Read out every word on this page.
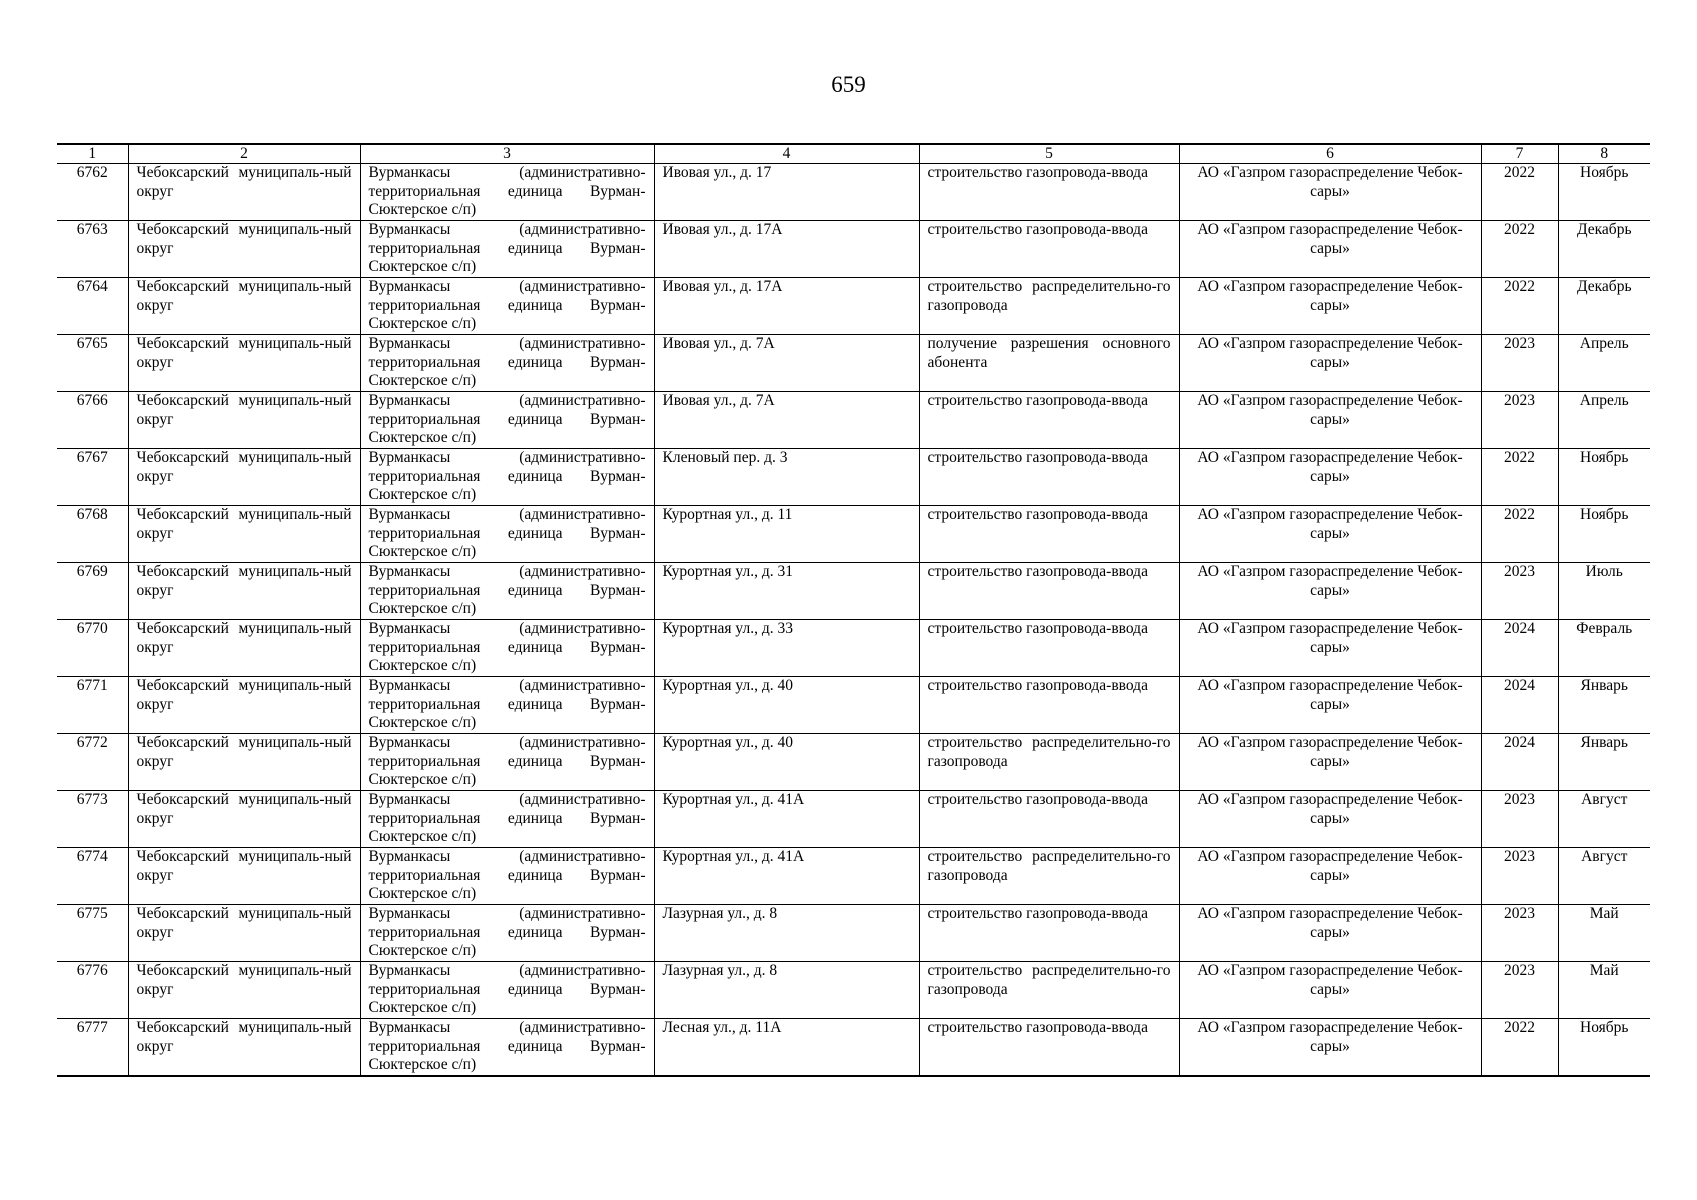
659
1	2	3	4	5	6	7	8
6762	Чебоксарский муниципаль-ный округ	Вурманкасы (административно-территориальная единица Вурман-Сюктерское с/п)	Ивовая ул., д. 17	строительство газопровода-ввода	АО «Газпром газораспределение Чебок-сары»	2022	Ноябрь
6763	Чебоксарский муниципаль-ный округ	Вурманкасы (административно-территориальная единица Вурман-Сюктерское с/п)	Ивовая ул., д. 17А	строительство газопровода-ввода	АО «Газпром газораспределение Чебок-сары»	2022	Декабрь
6764	Чебоксарский муниципаль-ный округ	Вурманкасы (административно-территориальная единица Вурман-Сюктерское с/п)	Ивовая ул., д. 17А	строительство распределительно-го газопровода	АО «Газпром газораспределение Чебок-сары»	2022	Декабрь
6765	Чебоксарский муниципаль-ный округ	Вурманкасы (административно-территориальная единица Вурман-Сюктерское с/п)	Ивовая ул., д. 7А	получение разрешения основного абонента	АО «Газпром газораспределение Чебок-сары»	2023	Апрель
6766	Чебоксарский муниципаль-ный округ	Вурманкасы (административно-территориальная единица Вурман-Сюктерское с/п)	Ивовая ул., д. 7А	строительство газопровода-ввода	АО «Газпром газораспределение Чебок-сары»	2023	Апрель
6767	Чебоксарский муниципаль-ный округ	Вурманкасы (административно-территориальная единица Вурман-Сюктерское с/п)	Кленовый пер. д. 3	строительство газопровода-ввода	АО «Газпром газораспределение Чебок-сары»	2022	Ноябрь
6768	Чебоксарский муниципаль-ный округ	Вурманкасы (административно-территориальная единица Вурман-Сюктерское с/п)	Курортная ул., д. 11	строительство газопровода-ввода	АО «Газпром газораспределение Чебок-сары»	2022	Ноябрь
6769	Чебоксарский муниципаль-ный округ	Вурманкасы (административно-территориальная единица Вурман-Сюктерское с/п)	Курортная ул., д. 31	строительство газопровода-ввода	АО «Газпром газораспределение Чебок-сары»	2023	Июль
6770	Чебоксарский муниципаль-ный округ	Вурманкасы (административно-территориальная единица Вурман-Сюктерское с/п)	Курортная ул., д. 33	строительство газопровода-ввода	АО «Газпром газораспределение Чебок-сары»	2024	Февраль
6771	Чебоксарский муниципаль-ный округ	Вурманкасы (административно-территориальная единица Вурман-Сюктерское с/п)	Курортная ул., д. 40	строительство газопровода-ввода	АО «Газпром газораспределение Чебок-сары»	2024	Январь
6772	Чебоксарский муниципаль-ный округ	Вурманкасы (административно-территориальная единица Вурман-Сюктерское с/п)	Курортная ул., д. 40	строительство распределительно-го газопровода	АО «Газпром газораспределение Чебок-сары»	2024	Январь
6773	Чебоксарский муниципаль-ный округ	Вурманкасы (административно-территориальная единица Вурман-Сюктерское с/п)	Курортная ул., д. 41А	строительство газопровода-ввода	АО «Газпром газораспределение Чебок-сары»	2023	Август
6774	Чебоксарский муниципаль-ный округ	Вурманкасы (административно-территориальная единица Вурман-Сюктерское с/п)	Курортная ул., д. 41А	строительство распределительно-го газопровода	АО «Газпром газораспределение Чебок-сары»	2023	Август
6775	Чебоксарский муниципаль-ный округ	Вурманкасы (административно-территориальная единица Вурман-Сюктерское с/п)	Лазурная ул., д. 8	строительство газопровода-ввода	АО «Газпром газораспределение Чебок-сары»	2023	Май
6776	Чебоксарский муниципаль-ный округ	Вурманкасы (административно-территориальная единица Вурман-Сюктерское с/п)	Лазурная ул., д. 8	строительство распределительно-го газопровода	АО «Газпром газораспределение Чебок-сары»	2023	Май
6777	Чебоксарский муниципаль-ный округ	Вурманкасы (административно-территориальная единица Вурман-Сюктерское с/п)	Лесная ул., д. 11А	строительство газопровода-ввода	АО «Газпром газораспределение Чебок-сары»	2022	Ноябрь
